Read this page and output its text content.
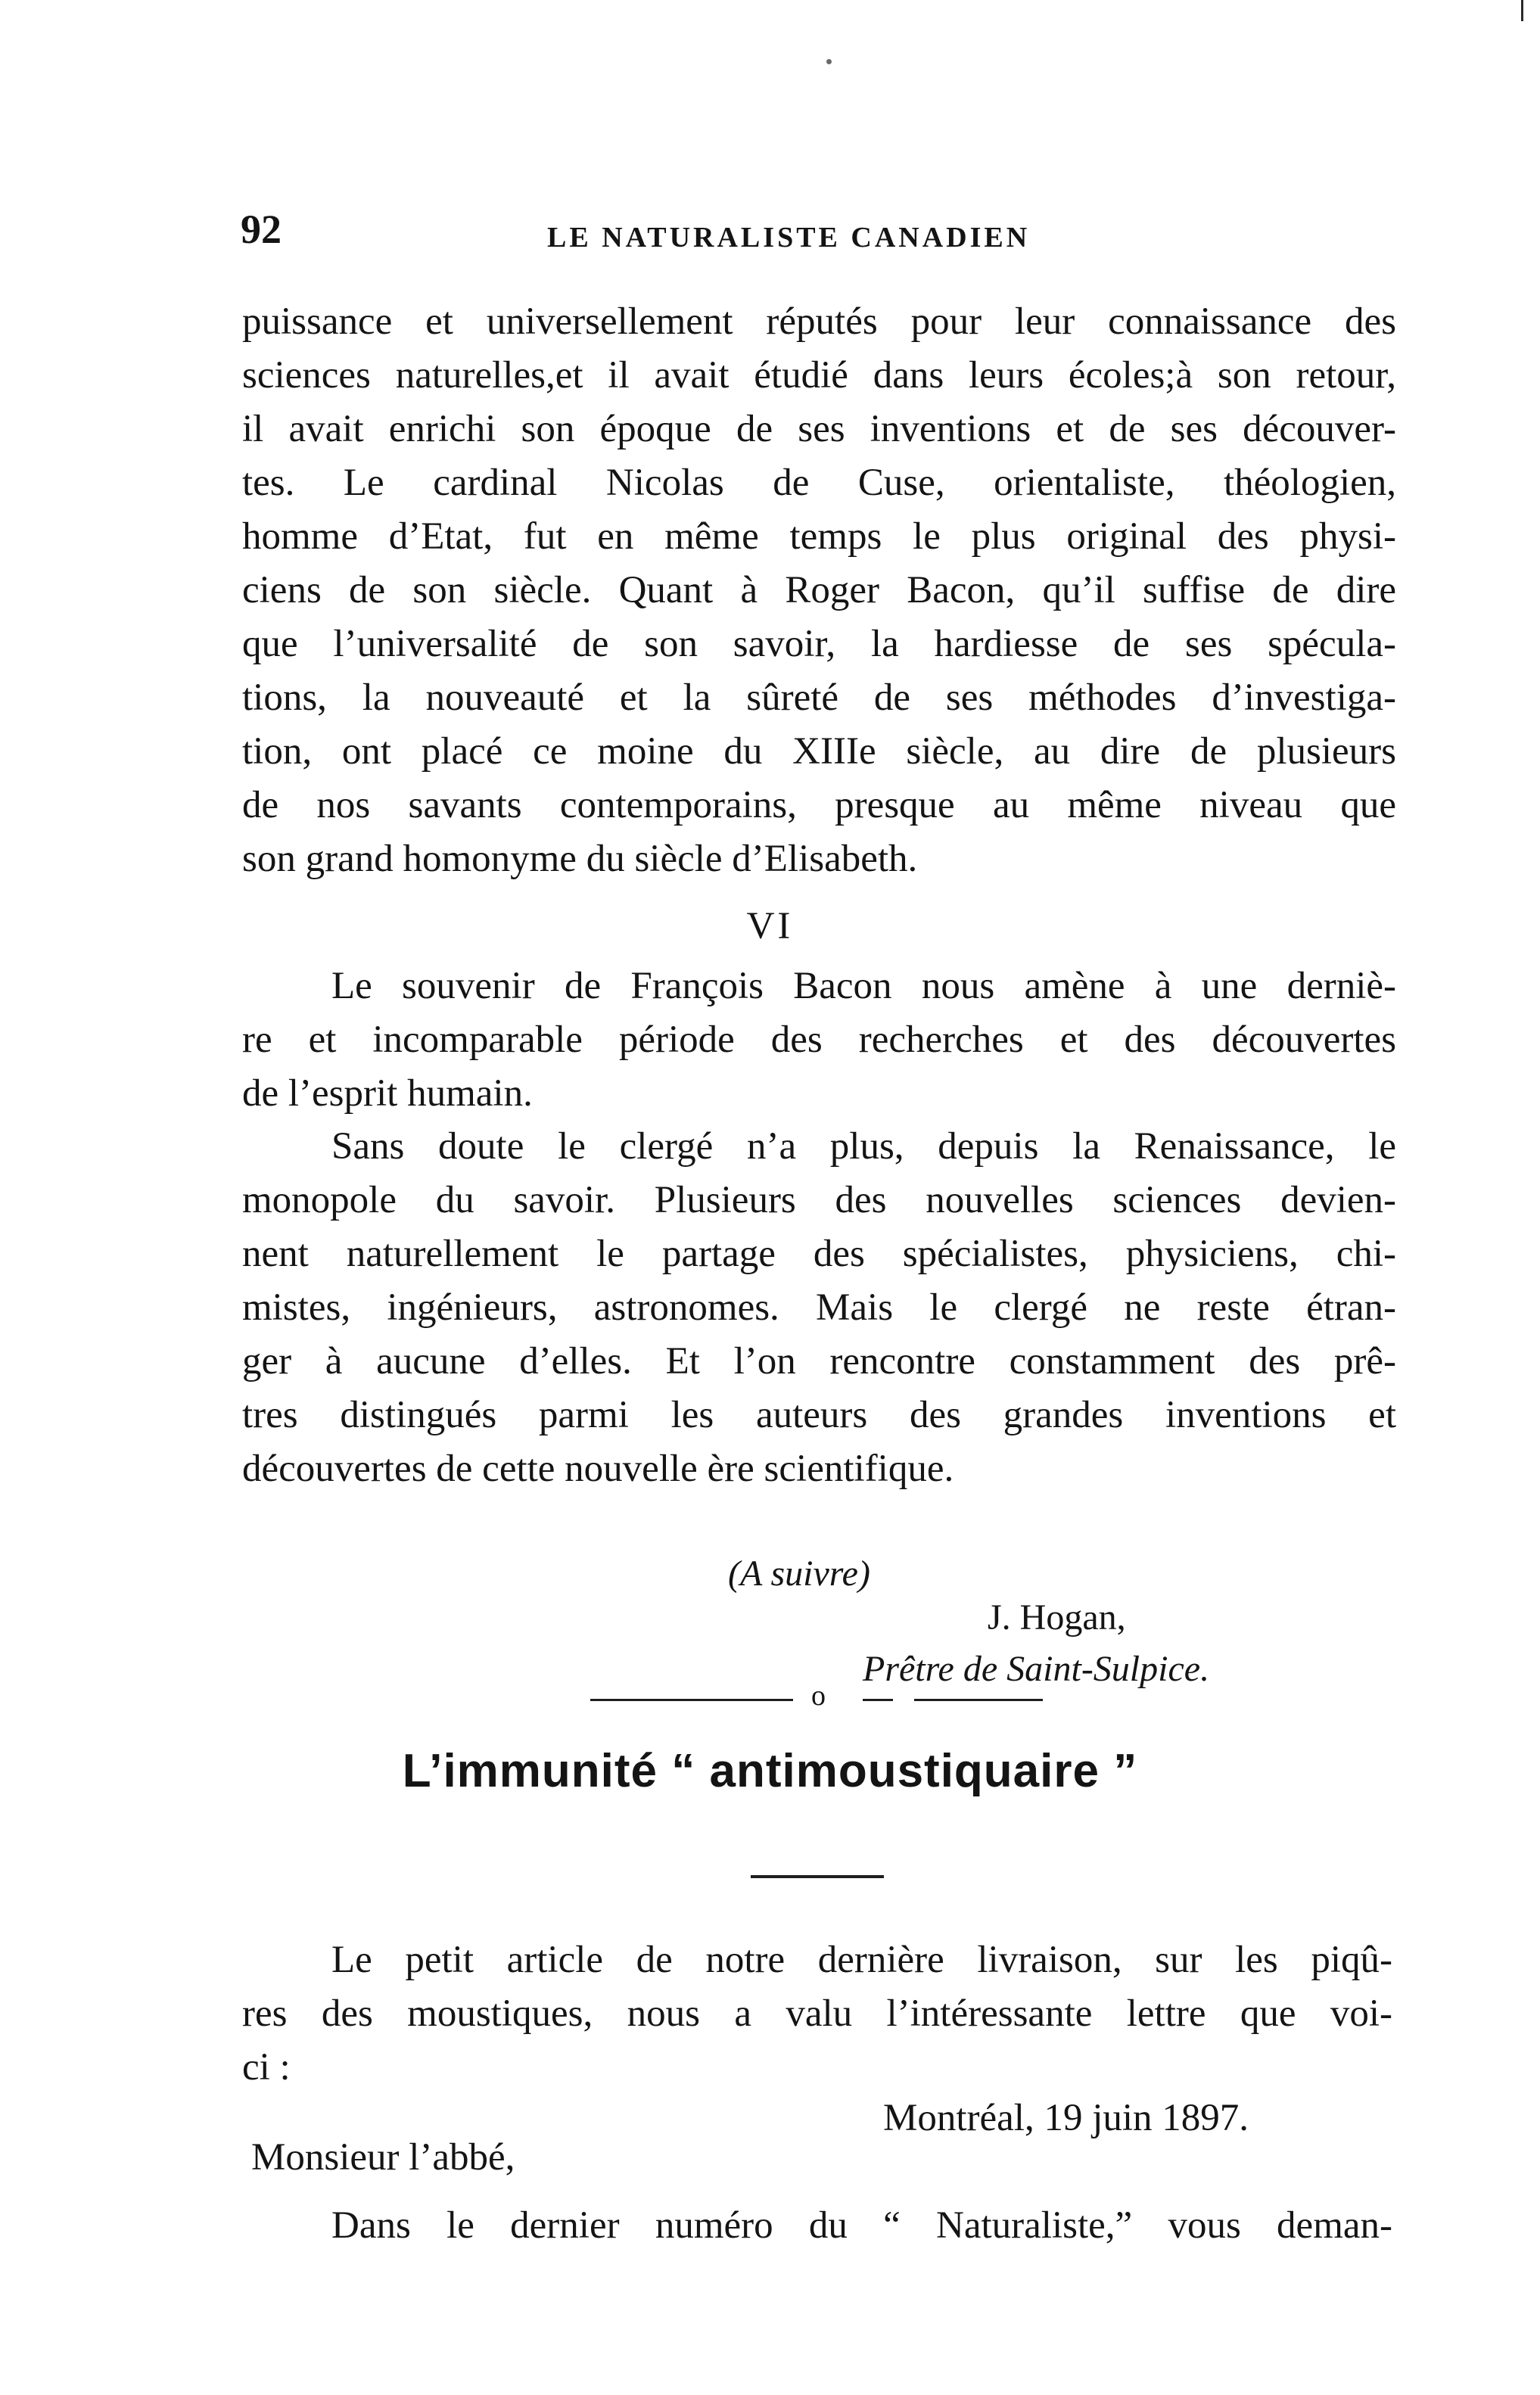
92	LE NATURALISTE CANADIEN
puissance et universellement réputés pour leur connaissance des
sciences naturelles,et il avait étudié dans leurs écoles;à son retour,
il avait enrichi son époque de ses inventions et de ses découver-
tes. Le cardinal Nicolas de Cuse, orientaliste, théologien,
homme d’Etat, fut en même temps le plus original des physi-
ciens de son siècle. Quant à Roger Bacon, qu’il suffise de dire
que l’universalité de son savoir, la hardiesse de ses spécula-
tions, la nouveauté et la sûreté de ses méthodes d’investiga-
tion, ont placé ce moine du XIIIe siècle, au dire de plusieurs
de nos savants contemporains, presque au même niveau que
son grand homonyme du siècle d’Elisabeth.
VI
Le souvenir de François Bacon nous amène à une derniè-
re et incomparable période des recherches et des découvertes
de l’esprit humain.
Sans doute le clergé n’a plus, depuis la Renaissance, le
monopole du savoir. Plusieurs des nouvelles sciences devien-
nent naturellement le partage des spécialistes, physiciens, chi-
mistes, ingénieurs, astronomes. Mais le clergé ne reste étran-
ger à aucune d’elles. Et l’on rencontre constamment des prê-
tres distingués parmi les auteurs des grandes inventions et
découvertes de cette nouvelle ère scientifique.
(A suivre)
J. Hogan,
Prêtre de Saint-Sulpice.
o
L’immunité “ antimoustiquaire ”
Le petit article de notre dernière livraison, sur les piqû-
res des moustiques, nous a valu l’intéressante lettre que voi-
ci :
Montréal, 19 juin 1897.
Monsieur l’abbé,
Dans le dernier numéro du “ Naturaliste,” vous deman-
